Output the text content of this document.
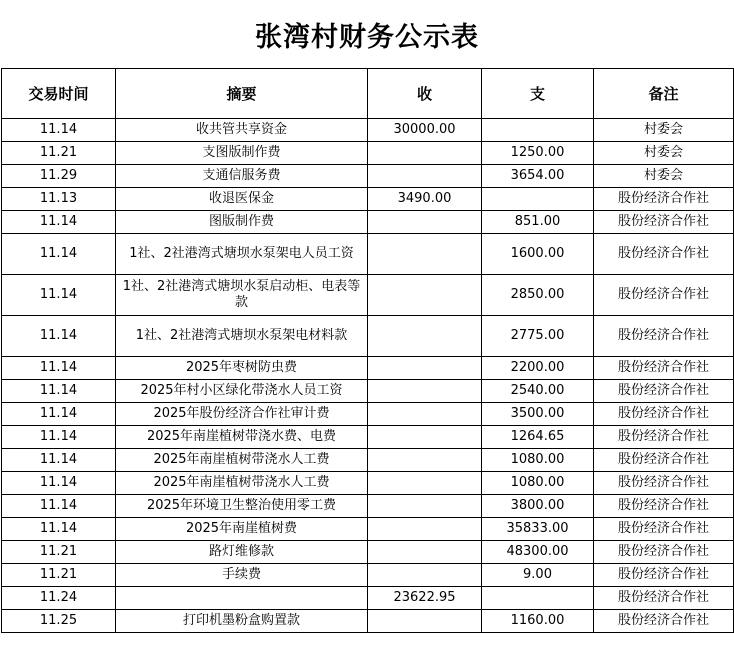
张湾村财务公示表
交易时间	摘要	收	支	备注
11.14	收共管共享资金	30000.00		村委会
11.21	支图版制作费		1250.00	村委会
11.29	支通信服务费		3654.00	村委会
11.13	收退医保金	3490.00		股份经济合作社
11.14	图版制作费		851.00	股份经济合作社
11.14	1社、2社港湾式塘坝水泵架电人员工资		1600.00	股份经济合作社
11.14	1社、2社港湾式塘坝水泵启动柜、电表等款		2850.00	股份经济合作社
11.14	1社、2社港湾式塘坝水泵架电材料款		2775.00	股份经济合作社
11.14	2025年枣树防虫费		2200.00	股份经济合作社
11.14	2025年村小区绿化带浇水人员工资		2540.00	股份经济合作社
11.14	2025年股份经济合作社审计费		3500.00	股份经济合作社
11.14	2025年南崖植树带浇水费、电费		1264.65	股份经济合作社
11.14	2025年南崖植树带浇水人工费		1080.00	股份经济合作社
11.14	2025年南崖植树带浇水人工费		1080.00	股份经济合作社
11.14	2025年环境卫生整治使用零工费		3800.00	股份经济合作社
11.14	2025年南崖植树费		35833.00	股份经济合作社
11.21	路灯维修款		48300.00	股份经济合作社
11.21	手续费		9.00	股份经济合作社
11.24		23622.95		股份经济合作社
11.25	打印机墨粉盒购置款		1160.00	股份经济合作社
